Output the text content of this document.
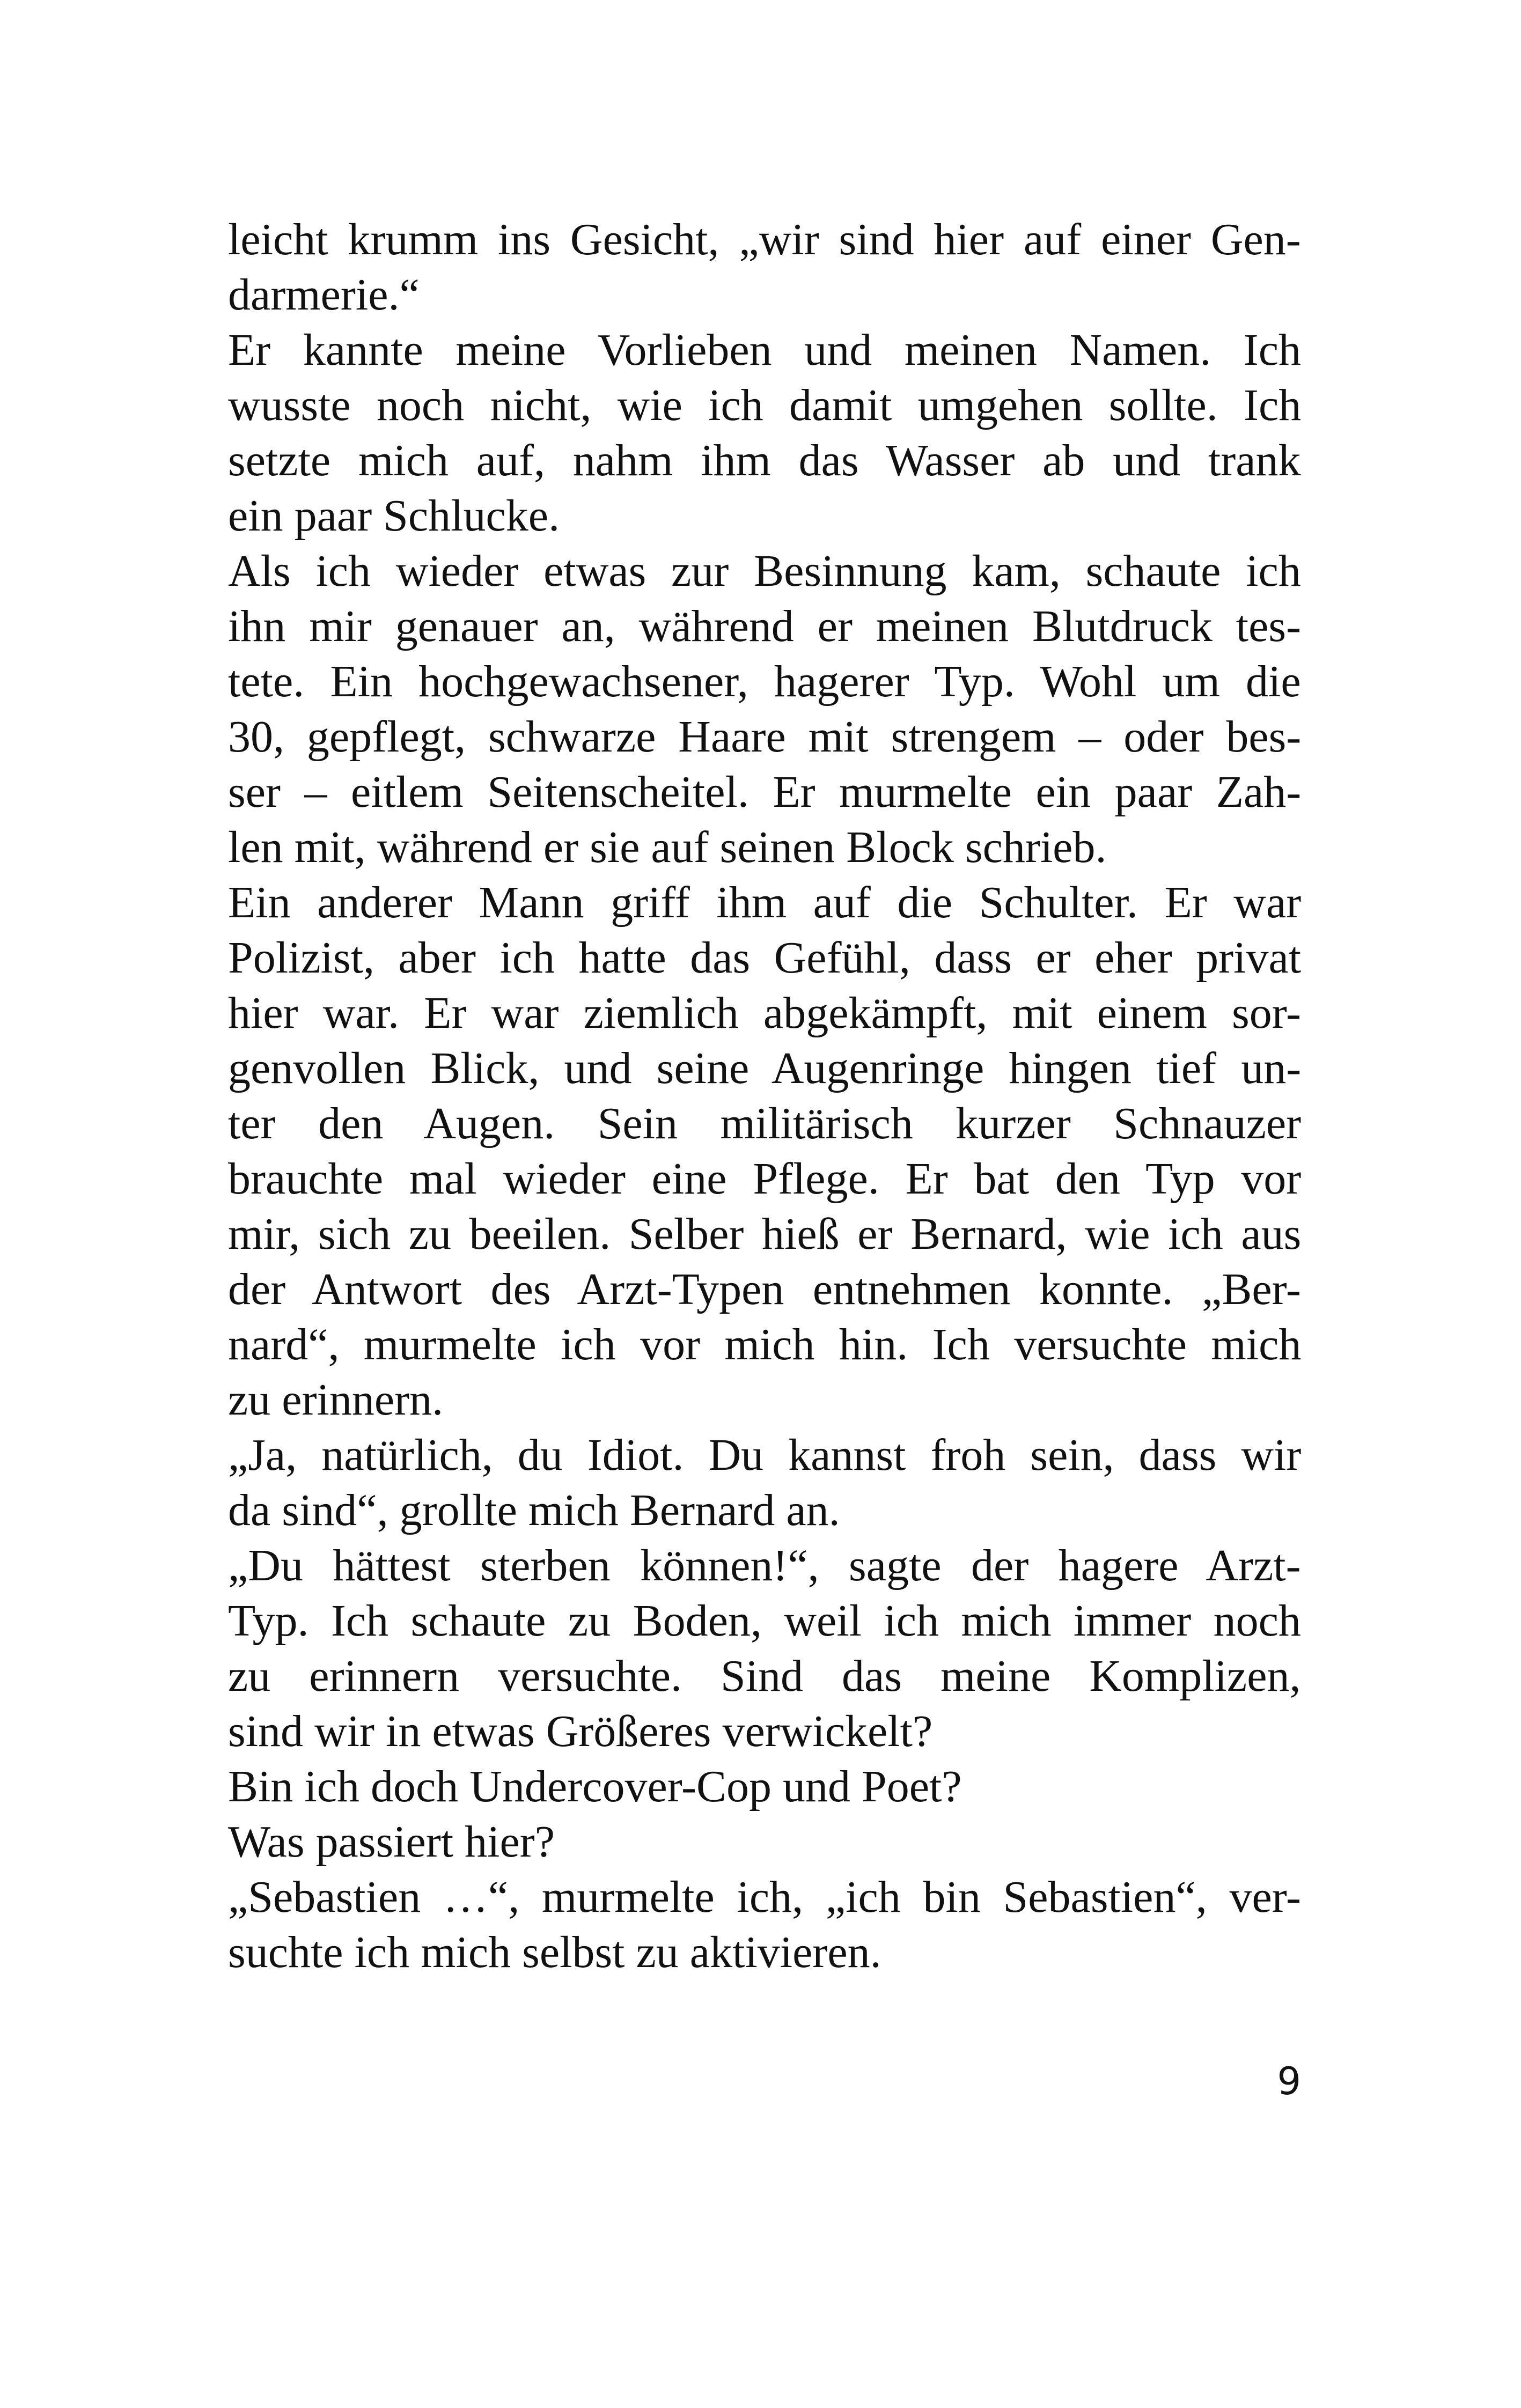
leicht krumm ins Gesicht, „wir sind hier auf einer Gen-
darmerie.“
Er kannte meine Vorlieben und meinen Namen. Ich
wusste noch nicht, wie ich damit umgehen sollte. Ich
setzte mich auf, nahm ihm das Wasser ab und trank
ein paar Schlucke.
Als ich wieder etwas zur Besinnung kam, schaute ich
ihn mir genauer an, während er meinen Blutdruck tes-
tete. Ein hochgewachsener, hagerer Typ. Wohl um die
30, gepflegt, schwarze Haare mit strengem – oder bes-
ser – eitlem Seitenscheitel. Er murmelte ein paar Zah-
len mit, während er sie auf seinen Block schrieb.
Ein anderer Mann griff ihm auf die Schulter. Er war
Polizist, aber ich hatte das Gefühl, dass er eher privat
hier war. Er war ziemlich abgekämpft, mit einem sor-
genvollen Blick, und seine Augenringe hingen tief un-
ter den Augen. Sein militärisch kurzer Schnauzer
brauchte mal wieder eine Pflege. Er bat den Typ vor
mir, sich zu beeilen. Selber hieß er Bernard, wie ich aus
der Antwort des Arzt-Typen entnehmen konnte. „Ber-
nard“, murmelte ich vor mich hin. Ich versuchte mich
zu erinnern.
„Ja, natürlich, du Idiot. Du kannst froh sein, dass wir
da sind“, grollte mich Bernard an.
„Du hättest sterben können!“, sagte der hagere Arzt-
Typ. Ich schaute zu Boden, weil ich mich immer noch
zu erinnern versuchte. Sind das meine Komplizen,
sind wir in etwas Größeres verwickelt?
Bin ich doch Undercover-Cop und Poet?
Was passiert hier?
„Sebastien …“, murmelte ich, „ich bin Sebastien“, ver-
suchte ich mich selbst zu aktivieren.
9
